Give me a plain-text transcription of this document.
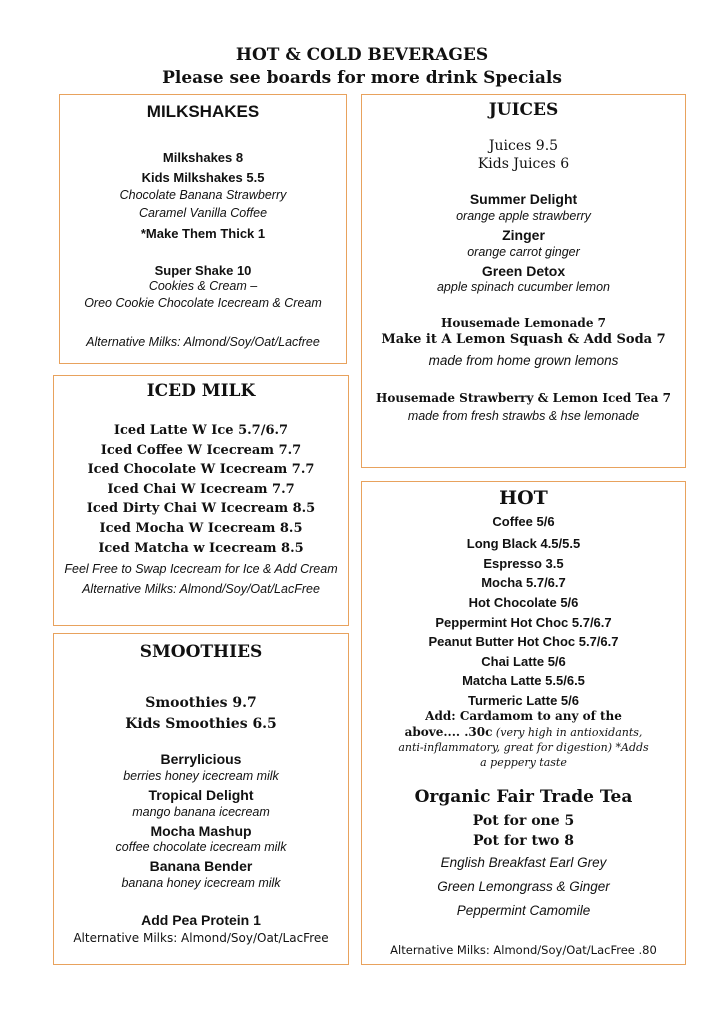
HOT & COLD BEVERAGES
Please see boards for more drink Specials
MILKSHAKES
Milkshakes 8
Kids Milkshakes 5.5
Chocolate Banana Strawberry
Caramel Vanilla Coffee
*Make Them Thick 1
Super Shake 10
Cookies & Cream –
Oreo Cookie Chocolate Icecream & Cream
Alternative Milks: Almond/Soy/Oat/Lacfree
JUICES
Juices 9.5
Kids Juices 6
Summer Delight
orange apple strawberry
Zinger
orange carrot ginger
Green Detox
apple spinach cucumber lemon
Housemade Lemonade 7
Make it A Lemon Squash & Add Soda 7
made from home grown lemons
Housemade Strawberry & Lemon Iced Tea 7
made from fresh strawbs & hse lemonade
ICED MILK
Iced Latte W Ice 5.7/6.7
Iced Coffee W Icecream 7.7
Iced Chocolate W Icecream 7.7
Iced Chai W Icecream 7.7
Iced Dirty Chai W Icecream 8.5
Iced Mocha W Icecream 8.5
Iced Matcha w Icecream 8.5
Feel Free to Swap Icecream for Ice & Add Cream
Alternative Milks: Almond/Soy/Oat/LacFree
SMOOTHIES
Smoothies 9.7
Kids Smoothies 6.5
Berrylicious
berries honey icecream milk
Tropical Delight
mango banana icecream
Mocha Mashup
coffee chocolate icecream milk
Banana Bender
banana honey icecream milk
Add Pea Protein 1
Alternative Milks: Almond/Soy/Oat/LacFree
HOT
Coffee 5/6
Long Black 4.5/5.5
Espresso 3.5
Mocha 5.7/6.7
Hot Chocolate 5/6
Peppermint Hot Choc 5.7/6.7
Peanut Butter Hot Choc 5.7/6.7
Chai Latte 5/6
Matcha Latte 5.5/6.5
Turmeric Latte 5/6
Add: Cardamom to any of the
above.... .30c (very high in antioxidants,
anti-inflammatory, great for digestion) *Adds
a peppery taste
Organic Fair Trade Tea
Pot for one 5
Pot for two 8
English Breakfast Earl Grey
Green Lemongrass & Ginger
Peppermint Camomile
Alternative Milks: Almond/Soy/Oat/LacFree .80
